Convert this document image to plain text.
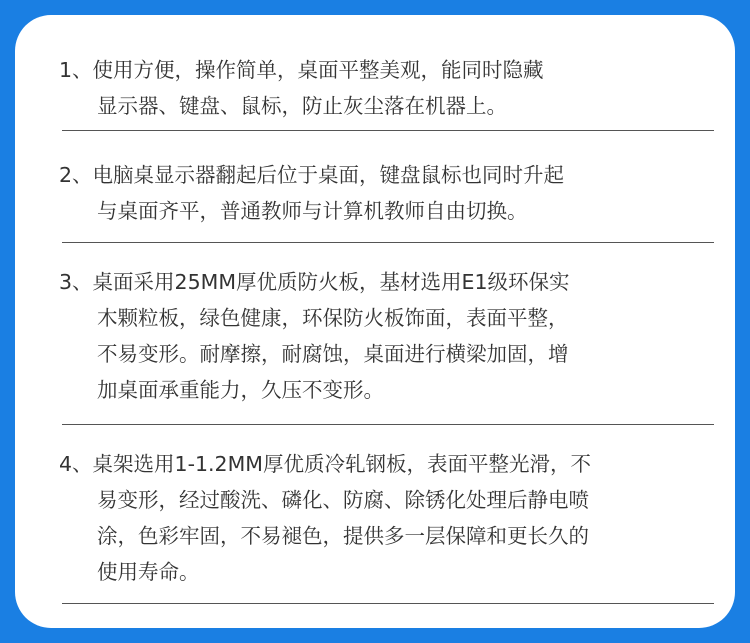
1、使用方便，操作简单，桌面平整美观，能同时隐藏
显示器、键盘、鼠标，防止灰尘落在机器上。
2、电脑桌显示器翻起后位于桌面，键盘鼠标也同时升起
与桌面齐平，普通教师与计算机教师自由切换。
3、桌面采用25MM厚优质防火板，基材选用E1级环保实
木颗粒板，绿色健康，环保防火板饰面，表面平整，
不易变形。耐摩擦，耐腐蚀，桌面进行横梁加固，增
加桌面承重能力，久压不变形。
4、桌架选用1-1.2MM厚优质冷轧钢板，表面平整光滑，不
易变形，经过酸洗、磷化、防腐、除锈化处理后静电喷
涂，色彩牢固，不易褪色，提供多一层保障和更长久的
使用寿命。
